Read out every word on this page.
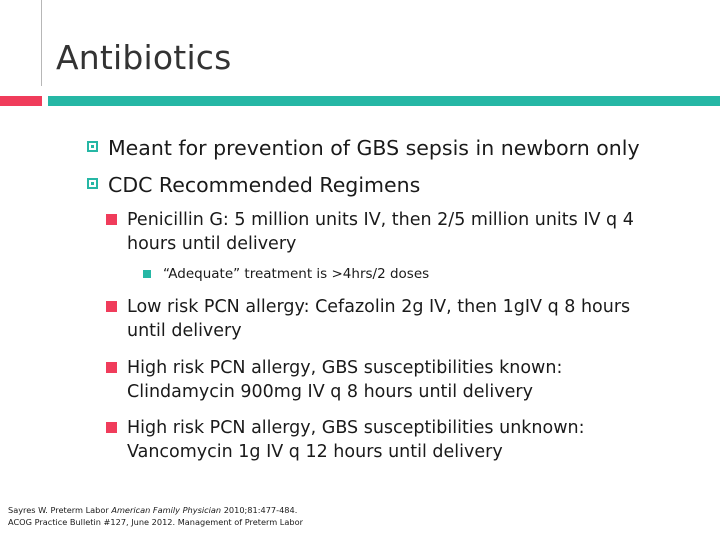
Antibiotics
Meant for prevention of GBS sepsis in newborn only
CDC Recommended Regimens
Penicillin G: 5 million units IV, then 2/5 million units IV q 4
hours until delivery
“Adequate” treatment is >4hrs/2 doses
Low risk PCN allergy: Cefazolin 2g IV, then 1gIV q 8 hours
until delivery
High risk PCN allergy, GBS susceptibilities known:
Clindamycin 900mg IV q 8 hours until delivery
High risk PCN allergy, GBS susceptibilities unknown:
Vancomycin 1g IV q 12 hours until delivery
Sayres W. Preterm Labor American Family Physician 2010;81:477-484.
ACOG Practice Bulletin #127, June 2012. Management of Preterm Labor
